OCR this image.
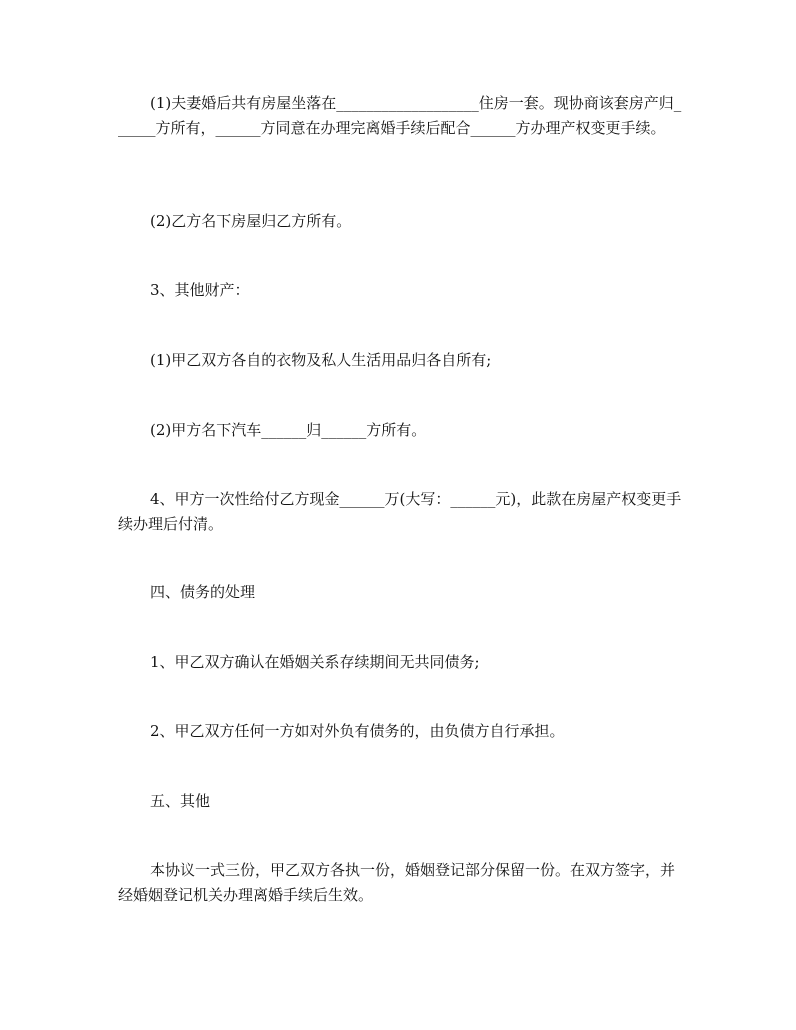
(1)夫妻婚后共有房屋坐落在___________________住房一套。现协商该套房产归______方所有，______方同意在办理完离婚手续后配合______方办理产权变更手续。

(2)乙方名下房屋归乙方所有。

3、其他财产：

(1)甲乙双方各自的衣物及私人生活用品归各自所有;

(2)甲方名下汽车______归______方所有。

4、甲方一次性给付乙方现金______万(大写：______元)，此款在房屋产权变更手续办理后付清。

四、债务的处理

1、甲乙双方确认在婚姻关系存续期间无共同债务;

2、甲乙双方任何一方如对外负有债务的，由负债方自行承担。

五、其他

本协议一式三份，甲乙双方各执一份，婚姻登记部分保留一份。在双方签字，并经婚姻登记机关办理离婚手续后生效。
